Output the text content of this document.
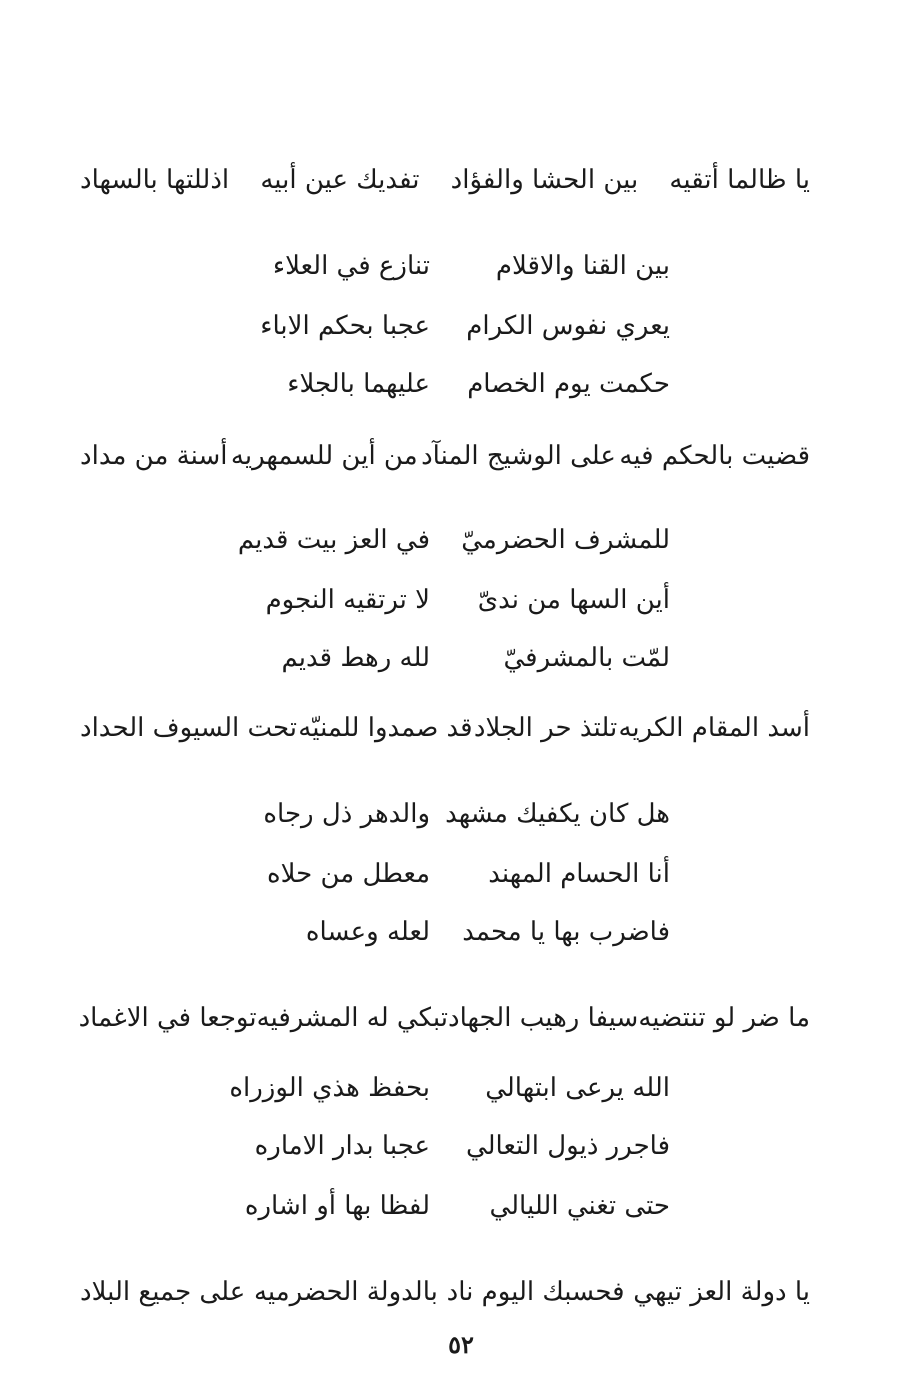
يا ظالما أتقيه
بين الحشا والفؤاد
تفديك عين أبيه
اذللتها بالسهاد
بين القنا والاقلام
تنازع في العلاء
يعري نفوس الكرام
عجبا بحكم الاباء
حكمت يوم الخصام
عليهما بالجلاء
قضيت بالحكم فيه
على الوشيج المنآد
من أين للسمهريه
أسنة من مداد
للمشرف الحضرميّ
في العز بيت قديم
أين السها من ندىّ
لا ترتقيه النجوم
لمّت بالمشرفيّ
لله رهط قديم
أسد المقام الكريه
تلتذ حر الجلاد
قد صمدوا للمنيّه
تحت السيوف الحداد
هل كان يكفيك مشهد
والدهر ذل رجاه
أنا الحسام المهند
معطل من حلاه
فاضرب بها يا محمد
لعله وعساه
ما ضر لو تنتضيه
سيفا رهيب الجهاد
تبكي له المشرفيه
توجعا في الاغماد
الله يرعى ابتهالي
بحفظ هذي الوزراه
فاجرر ذيول التعالي
عجبا بدار الاماره
حتى تغني الليالي
لفظا بها أو اشاره
يا دولة العز تيهي
فحسبك اليوم ناد
بالدولة الحضرميه
على جميع البلاد
٥٢
